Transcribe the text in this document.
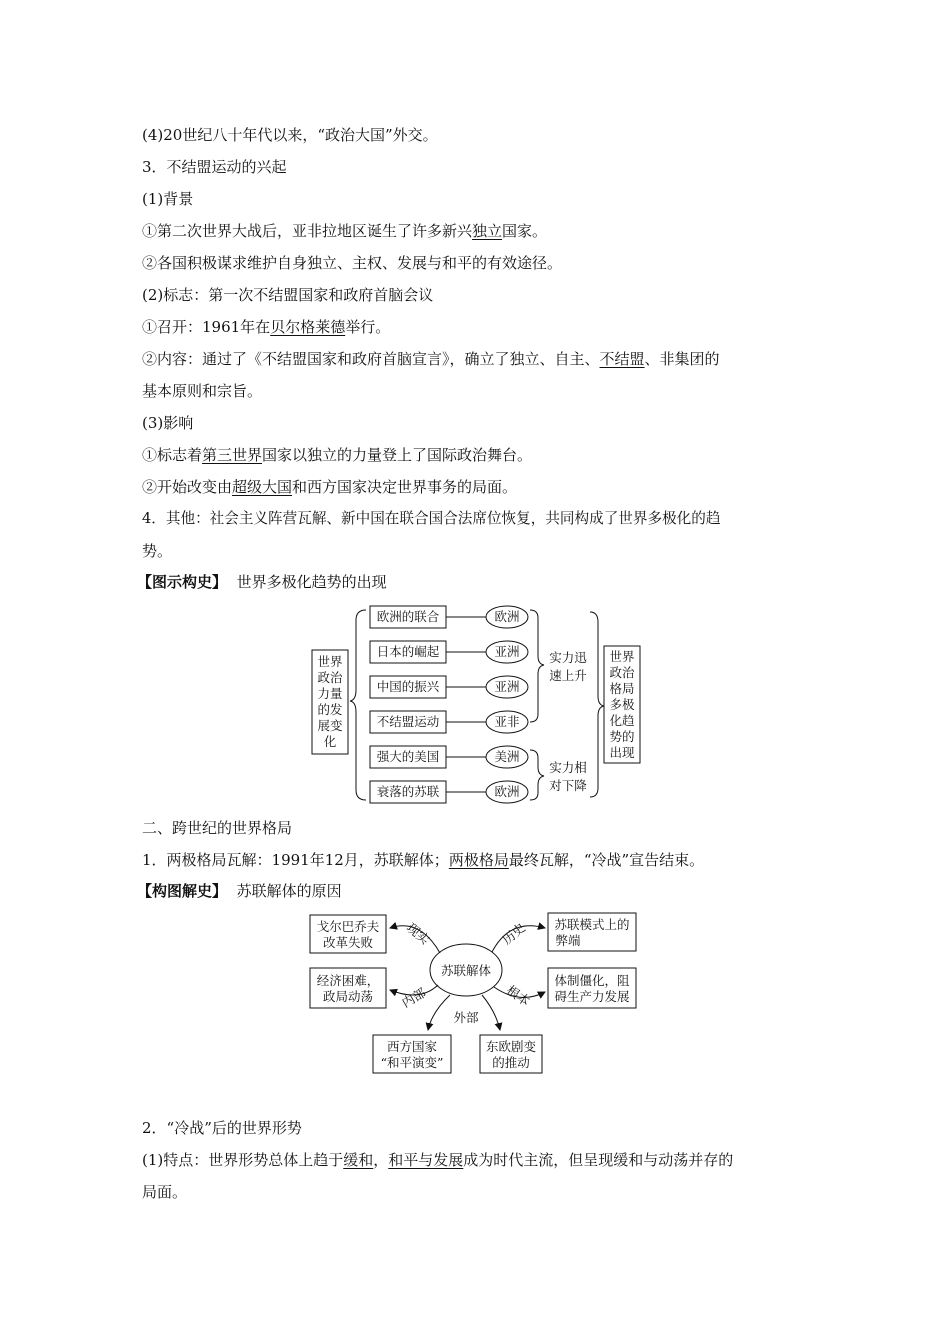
(4)20世纪八十年代以来，“政治大国”外交。
3．不结盟运动的兴起
(1)背景
①第二次世界大战后，亚非拉地区诞生了许多新兴独立国家。
②各国积极谋求维护自身独立、主权、发展与和平的有效途径。
(2)标志：第一次不结盟国家和政府首脑会议
①召开：1961年在贝尔格莱德举行。
②内容：通过了《不结盟国家和政府首脑宣言》，确立了独立、自主、不结盟、非集团的
基本原则和宗旨。
(3)影响
①标志着第三世界国家以独立的力量登上了国际政治舞台。
②开始改变由超级大国和西方国家决定世界事务的局面。
4．其他：社会主义阵营瓦解、新中国在联合国合法席位恢复，共同构成了世界多极化的趋
势。
【图示构史】 世界多极化趋势的出现
世界
政治
力量
的发
展变
化
欧洲的联合
日本的崛起
中国的振兴
不结盟运动
强大的美国
衰落的苏联
欧洲
亚洲
亚洲
亚非
美洲
欧洲
实力迅
速上升
实力相
对下降
世界
政治
格局
多极
化趋
势的
出现
二、跨世纪的世界格局
1．两极格局瓦解：1991年12月，苏联解体；两极格局最终瓦解，“冷战”宣告结束。
【构图解史】 苏联解体的原因
苏联解体
戈尔巴乔夫
改革失败
经济困难，
政局动荡
苏联模式上的
弊端
体制僵化，阻
碍生产力发展
西方国家
“和平演变”
东欧剧变
的推动
现实
内部
历史
根本
外部
2．“冷战”后的世界形势
(1)特点：世界形势总体上趋于缓和，和平与发展成为时代主流，但呈现缓和与动荡并存的
局面。
